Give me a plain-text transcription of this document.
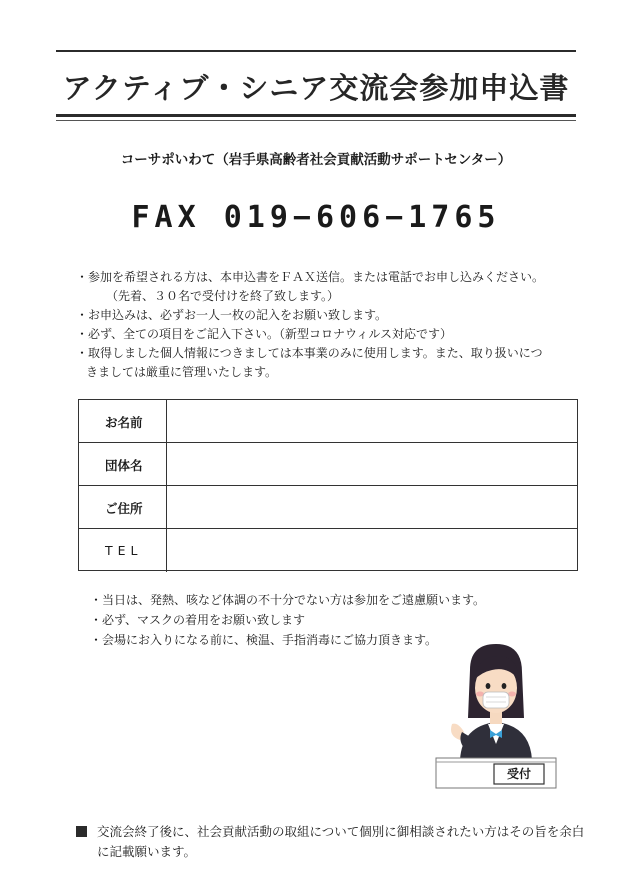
アクティブ・シニア交流会参加申込書
コーサポいわて（岩手県高齢者社会貢献活動サポートセンター）
FAX 019−606−1765
・参加を希望される方は、本申込書をＦＡＸ送信。または電話でお申し込みください。
（先着、３０名で受付けを終了致します。）
・お申込みは、必ずお一人一枚の記入をお願い致します。
・必ず、全ての項目をご記入下さい。（新型コロナウィルス対応です）
・取得しました個人情報につきましては本事業のみに使用します。また、取り扱いにつ
きましては厳重に管理いたします。
お名前
団体名
ご住所
TEL
・当日は、発熱、咳など体調の不十分でない方は参加をご遠慮願います。
・必ず、マスクの着用をお願い致します
・会場にお入りになる前に、検温、手指消毒にご協力頂きます。
受付
交流会終了後に、社会貢献活動の取組について個別に御相談されたい方はその旨を余白に記載願います。
